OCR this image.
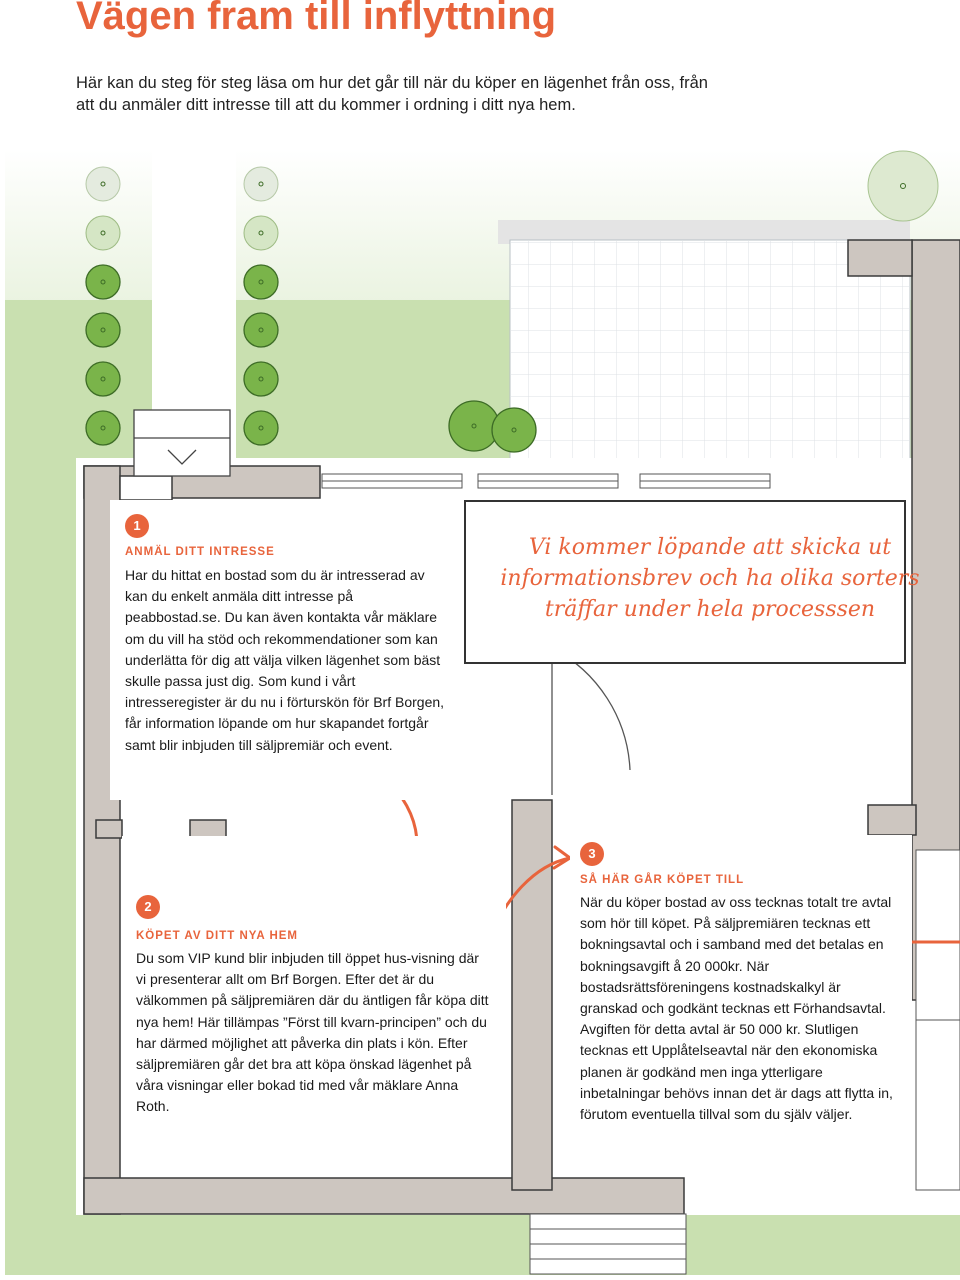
Vägen fram till inflyttning

Här kan du steg för steg läsa om hur det går till när du köper en lägenhet från oss, från att du anmäler ditt intresse till att du kommer i ordning i ditt nya hem.

1
ANMÄL DITT INTRESSE

Har du hittat en bostad som du är intresserad av kan du enkelt anmäla ditt intresse på peabbostad.se. Du kan även kontakta vår mäklare om du vill ha stöd och rekommendationer som kan underlätta för dig att välja vilken lägenhet som bäst skulle passa just dig. Som kund i vårt intresseregister är du nu i förturskön för Brf Borgen, får information löpande om hur skapandet fortgår samt blir inbjuden till säljpremiär och event.

Vi kommer löpande att skicka ut informationsbrev och ha olika sorters träffar under hela processsen

2
KÖPET AV DITT NYA HEM

Du som VIP kund blir inbjuden till öppet hus-visning där vi presenterar allt om Brf Borgen. Efter det är du välkommen på säljpremiären där du äntligen får köpa ditt nya hem! Här tillämpas ”Först till kvarn-principen” och du har därmed möjlighet att påverka din plats i kön. Efter säljpremiären går det bra att köpa önskad lägenhet på våra visningar eller bokad tid med vår mäklare Anna Roth.

3
SÅ HÄR GÅR KÖPET TILL

När du köper bostad av oss tecknas totalt tre avtal som hör till köpet. På säljpremiären tecknas ett bokningsavtal och i samband med det betalas en bokningsavgift å 20 000kr. När bostadsrättsföreningens kostnadskalkyl är granskad och godkänt tecknas ett Förhandsavtal. Avgiften för detta avtal är 50 000 kr. Slutligen tecknas ett Upplåtelseavtal när den ekonomiska planen är godkänd men inga ytterligare inbetalningar behövs innan det är dags att flytta in, förutom eventuella tillval som du själv väljer.
